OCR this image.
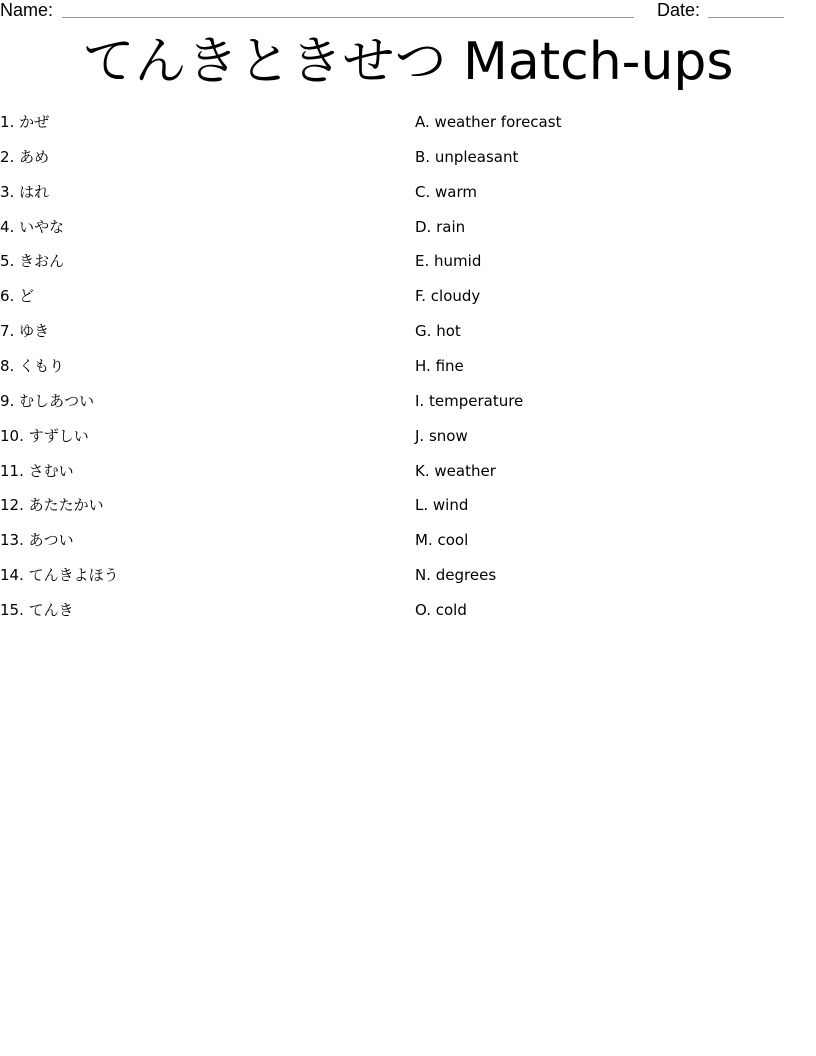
Name:	Date:
てんきときせつ Match-ups
1. かぜ
2. あめ
3. はれ
4. いやな
5. きおん
6. ど
7. ゆき
8. くもり
9. むしあつい
10. すずしい
11. さむい
12. あたたかい
13. あつい
14. てんきよほう
15. てんき
A. weather forecast
B. unpleasant
C. warm
D. rain
E. humid
F. cloudy
G. hot
H. fine
I. temperature
J. snow
K. weather
L. wind
M. cool
N. degrees
O. cold
